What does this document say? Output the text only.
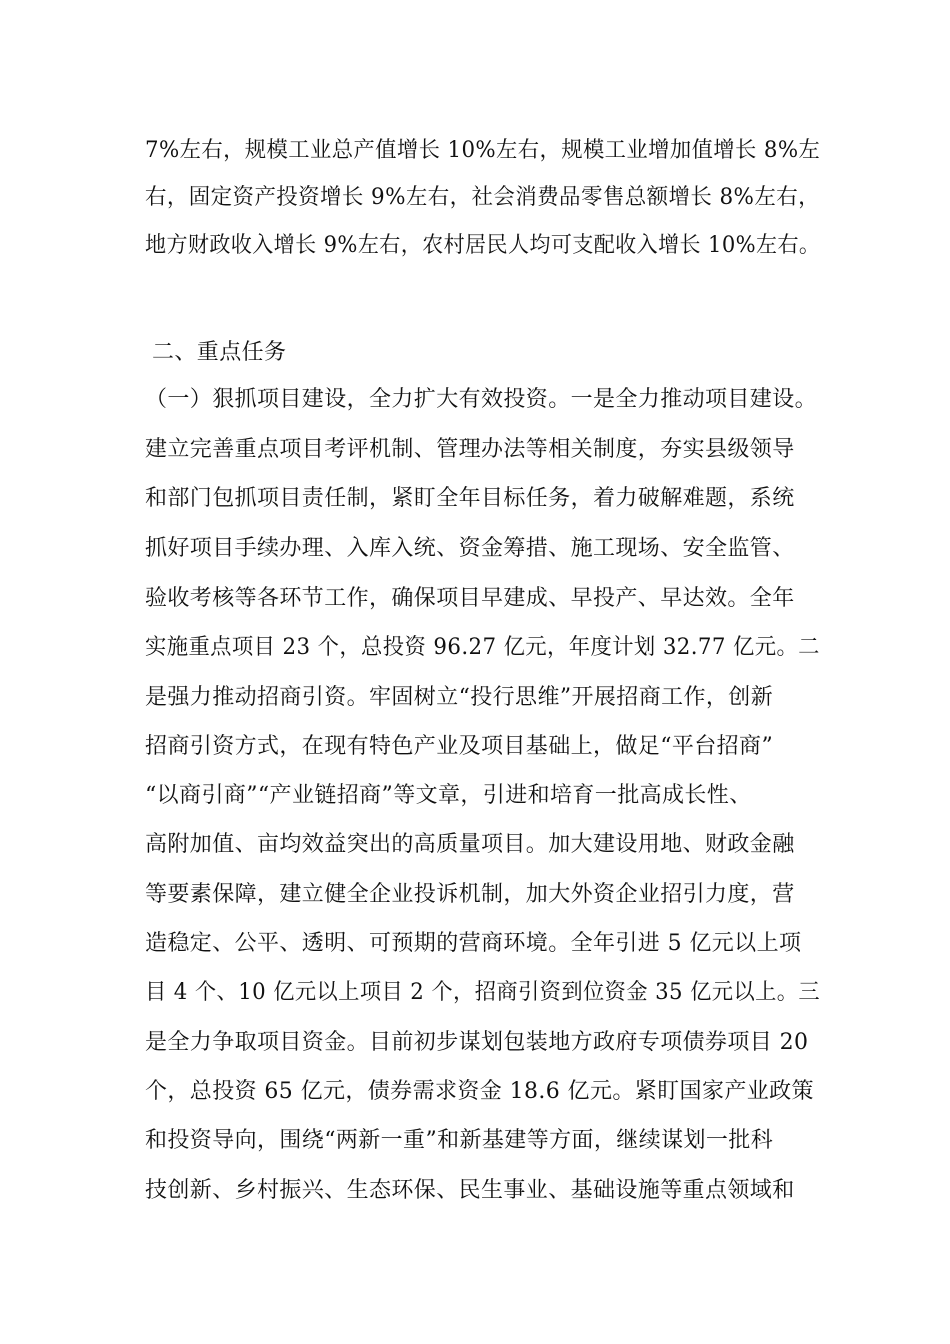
7%左右，规模工业总产值增长 10%左右，规模工业增加值增长 8%左
右，固定资产投资增长 9%左右，社会消费品零售总额增长 8%左右，
地方财政收入增长 9%左右，农村居民人均可支配收入增长 10%左右。
二、重点任务
（一）狠抓项目建设，全力扩大有效投资。一是全力推动项目建设。
建立完善重点项目考评机制、管理办法等相关制度，夯实县级领导
和部门包抓项目责任制，紧盯全年目标任务，着力破解难题，系统
抓好项目手续办理、入库入统、资金筹措、施工现场、安全监管、
验收考核等各环节工作，确保项目早建成、早投产、早达效。全年
实施重点项目 23 个，总投资 96.27 亿元，年度计划 32.77 亿元。二
是强力推动招商引资。牢固树立“投行思维”开展招商工作，创新
招商引资方式，在现有特色产业及项目基础上，做足“平台招商”
“以商引商”“产业链招商”等文章，引进和培育一批高成长性、
高附加值、亩均效益突出的高质量项目。加大建设用地、财政金融
等要素保障，建立健全企业投诉机制，加大外资企业招引力度，营
造稳定、公平、透明、可预期的营商环境。全年引进 5 亿元以上项
目 4 个、10 亿元以上项目 2 个，招商引资到位资金 35 亿元以上。三
是全力争取项目资金。目前初步谋划包装地方政府专项债券项目 20
个，总投资 65 亿元，债券需求资金 18.6 亿元。紧盯国家产业政策
和投资导向，围绕“两新一重”和新基建等方面，继续谋划一批科
技创新、乡村振兴、生态环保、民生事业、基础设施等重点领域和
